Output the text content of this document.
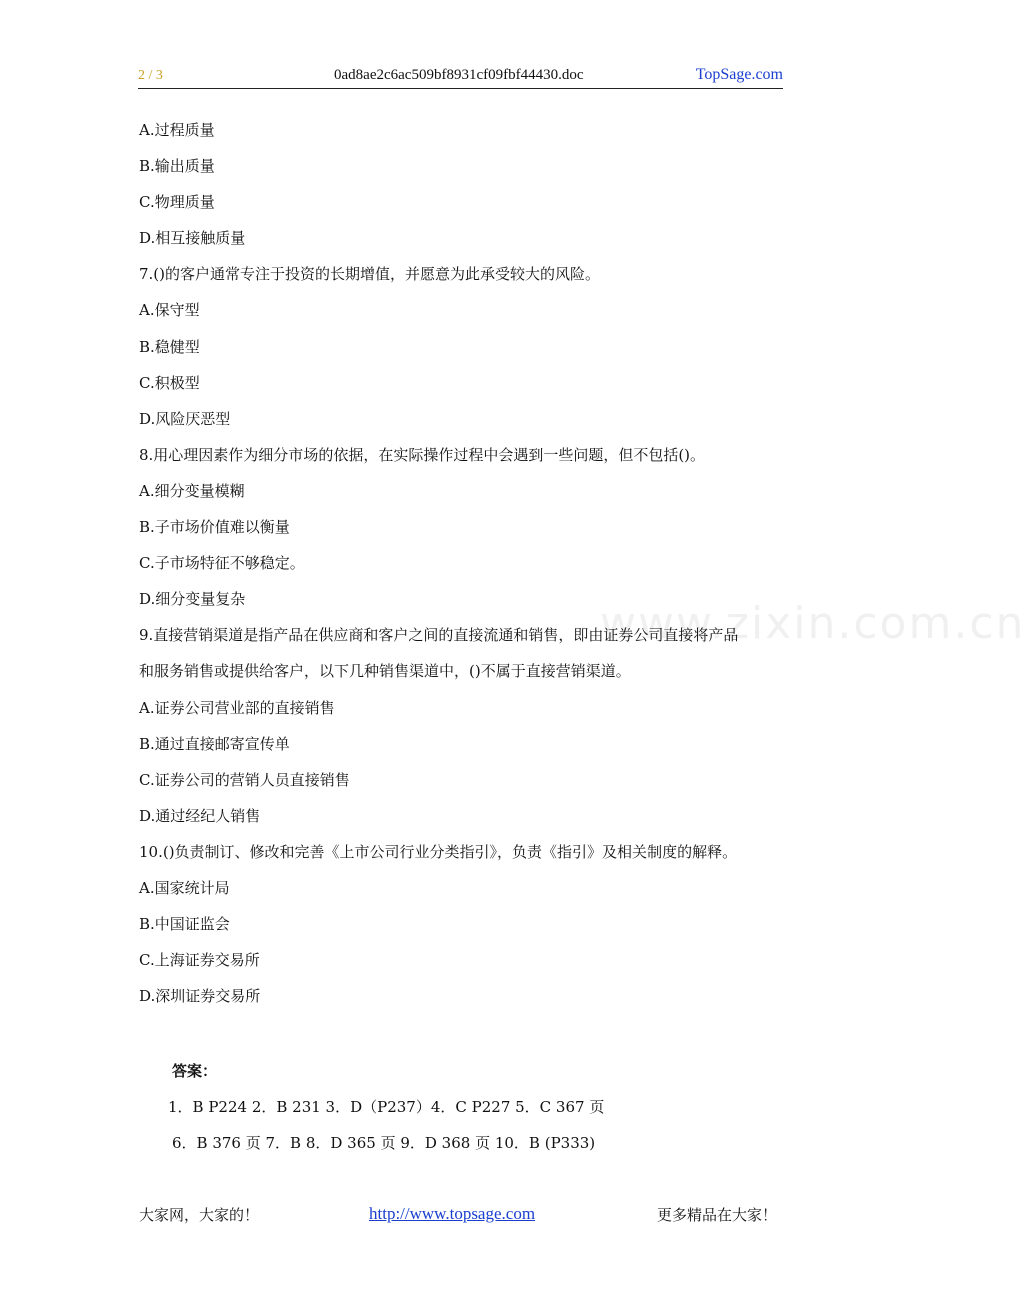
www.zixin.com.cn
2 / 3	0ad8ae2c6ac509bf8931cf09fbf44430.doc	TopSage.com
A.过程质量
B.输出质量
C.物理质量
D.相互接触质量
7.()的客户通常专注于投资的长期增值，并愿意为此承受较大的风险。
A.保守型
B.稳健型
C.积极型
D.风险厌恶型
8.用心理因素作为细分市场的依据，在实际操作过程中会遇到一些问题，但不包括()。
A.细分变量模糊
B.子市场价值难以衡量
C.子市场特征不够稳定。
D.细分变量复杂
9.直接营销渠道是指产品在供应商和客户之间的直接流通和销售，即由证券公司直接将产品
和服务销售或提供给客户，以下几种销售渠道中，()不属于直接营销渠道。
A.证券公司营业部的直接销售
B.通过直接邮寄宣传单
C.证券公司的营销人员直接销售
D.通过经纪人销售
10.()负责制订、修改和完善《上市公司行业分类指引》，负责《指引》及相关制度的解释。
A.国家统计局
B.中国证监会
C.上海证券交易所
D.深圳证券交易所
答案：
1．B P224 2．B 231 3．D（P237）4．C P227 5．C 367 页
6．B 376 页 7．B 8．D 365 页 9．D 368 页 10．B (P333)
大家网，大家的！	http://www.topsage.com	更多精品在大家！
